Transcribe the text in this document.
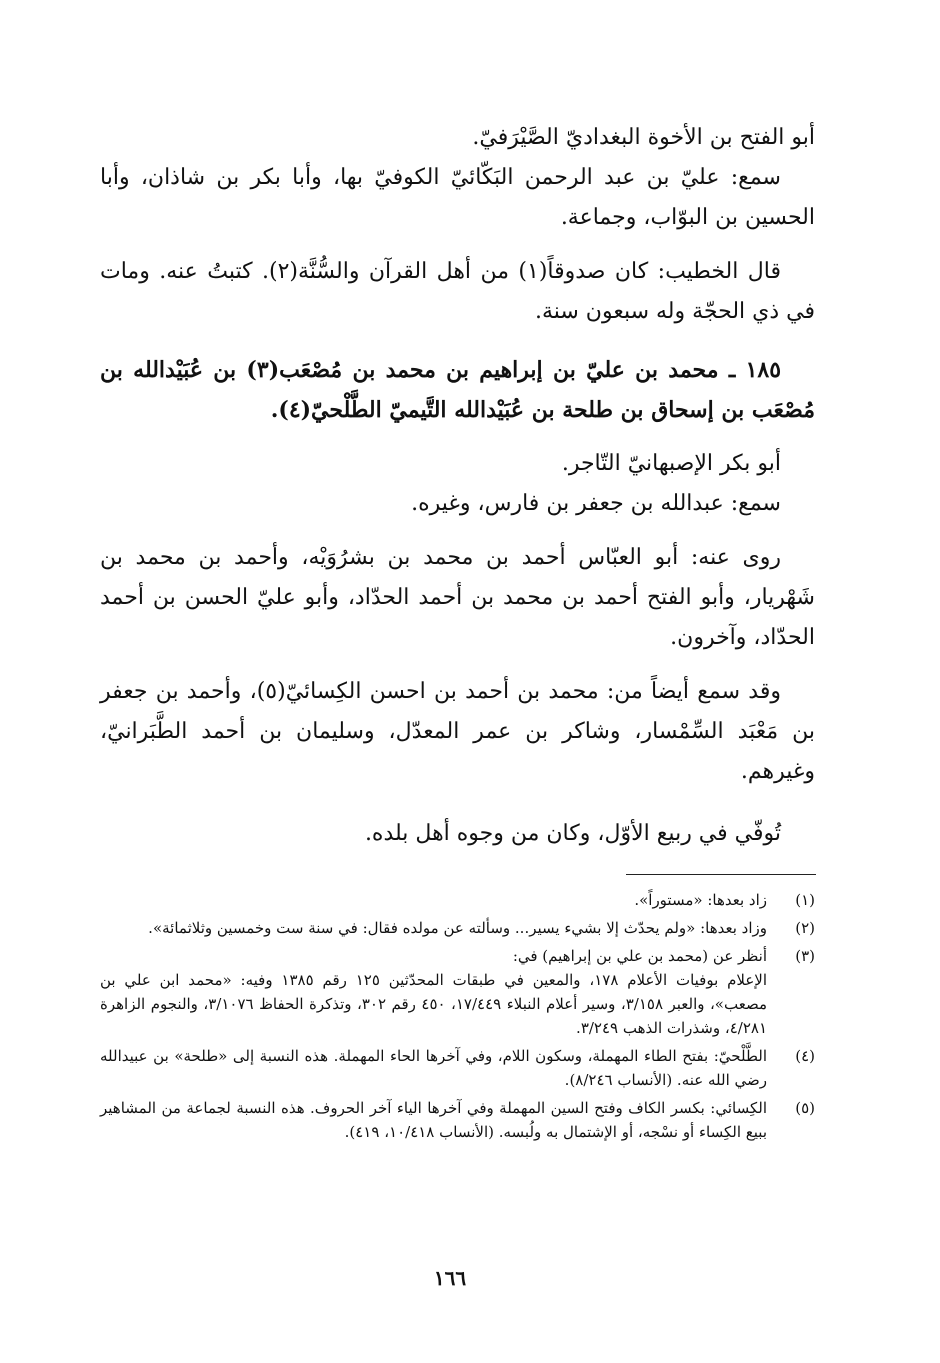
أبو الفتح بن الأخوة البغداديّ الصَّيْرَفيّ.

سمع: عليّ بن عبد الرحمن البَكّائيّ الكوفيّ بها، وأبا بكر بن شاذان، وأبا الحسين بن البوّاب، وجماعة.

قال الخطيب: كان صدوقاً(١) من أهل القرآن والسُّنَّة(٢). كتبتُ عنه. ومات في ذي الحجّة وله سبعون سنة.

١٨٥ ـ محمد بن عليّ بن إبراهيم بن محمد بن مُصْعَب(٣) بن عُبَيْدالله بن مُصْعَب بن إسحاق بن طلحة بن عُبَيْدالله التَّيميّ الطَّلْحيّ(٤).

أبو بكر الإصبهانيّ التّاجر.

سمع: عبدالله بن جعفر بن فارس، وغيره.

روى عنه: أبو العبّاس أحمد بن محمد بن بشرُوَيْه، وأحمد بن محمد بن شَهْريار، وأبو الفتح أحمد بن محمد بن أحمد الحدّاد، وأبو عليّ الحسن بن أحمد الحدّاد، وآخرون.

وقد سمع أيضاً من: محمد بن أحمد بن احسن الكِسائيّ(٥)، وأحمد بن جعفر بن مَعْبَد السِّمْسار، وشاكر بن عمر المعدّل، وسليمان بن أحمد الطَّبَرانيّ، وغيرهم.

تُوفّي في ربيع الأوّل، وكان من وجوه أهل بلده.

(١)
زاد بعدها: «مستوراً».
(٢)
وزاد بعدها: «ولم يحدّث إلا بشيء يسير... وسألته عن مولده فقال: في سنة ست وخمسين وثلاثمائة».
(٣)
أنظر عن (محمد بن علي بن إبراهيم) في:
الإعلام بوفيات الأعلام ١٧٨، والمعين في طبقات المحدّثين ١٢٥ رقم ١٣٨٥ وفيه: «محمد ابن علي بن مصعب»، والعبر ٣/١٥٨، وسير أعلام النبلاء ١٧/٤٤٩، ٤٥٠ رقم ٣٠٢، وتذكرة الحفاظ ٣/١٠٧٦، والنجوم الزاهرة ٤/٢٨١، وشذرات الذهب ٣/٢٤٩.
(٤)
الطَّلْحيّ: بفتح الطاء المهملة، وسكون اللام، وفي آخرها الحاء المهملة. هذه النسبة إلى «طلحة» بن عبيدالله رضي الله عنه. (الأنساب ٨/٢٤٦).
(٥)
الكِسائي: بكسر الكاف وفتح السين المهملة وفي آخرها الياء آخر الحروف. هذه النسبة لجماعة من المشاهير ببيع الكِساء أو نسْجه، أو الإشتمال به ولُبسه. (الأنساب ١٠/٤١٨، ٤١٩).
١٦٦
